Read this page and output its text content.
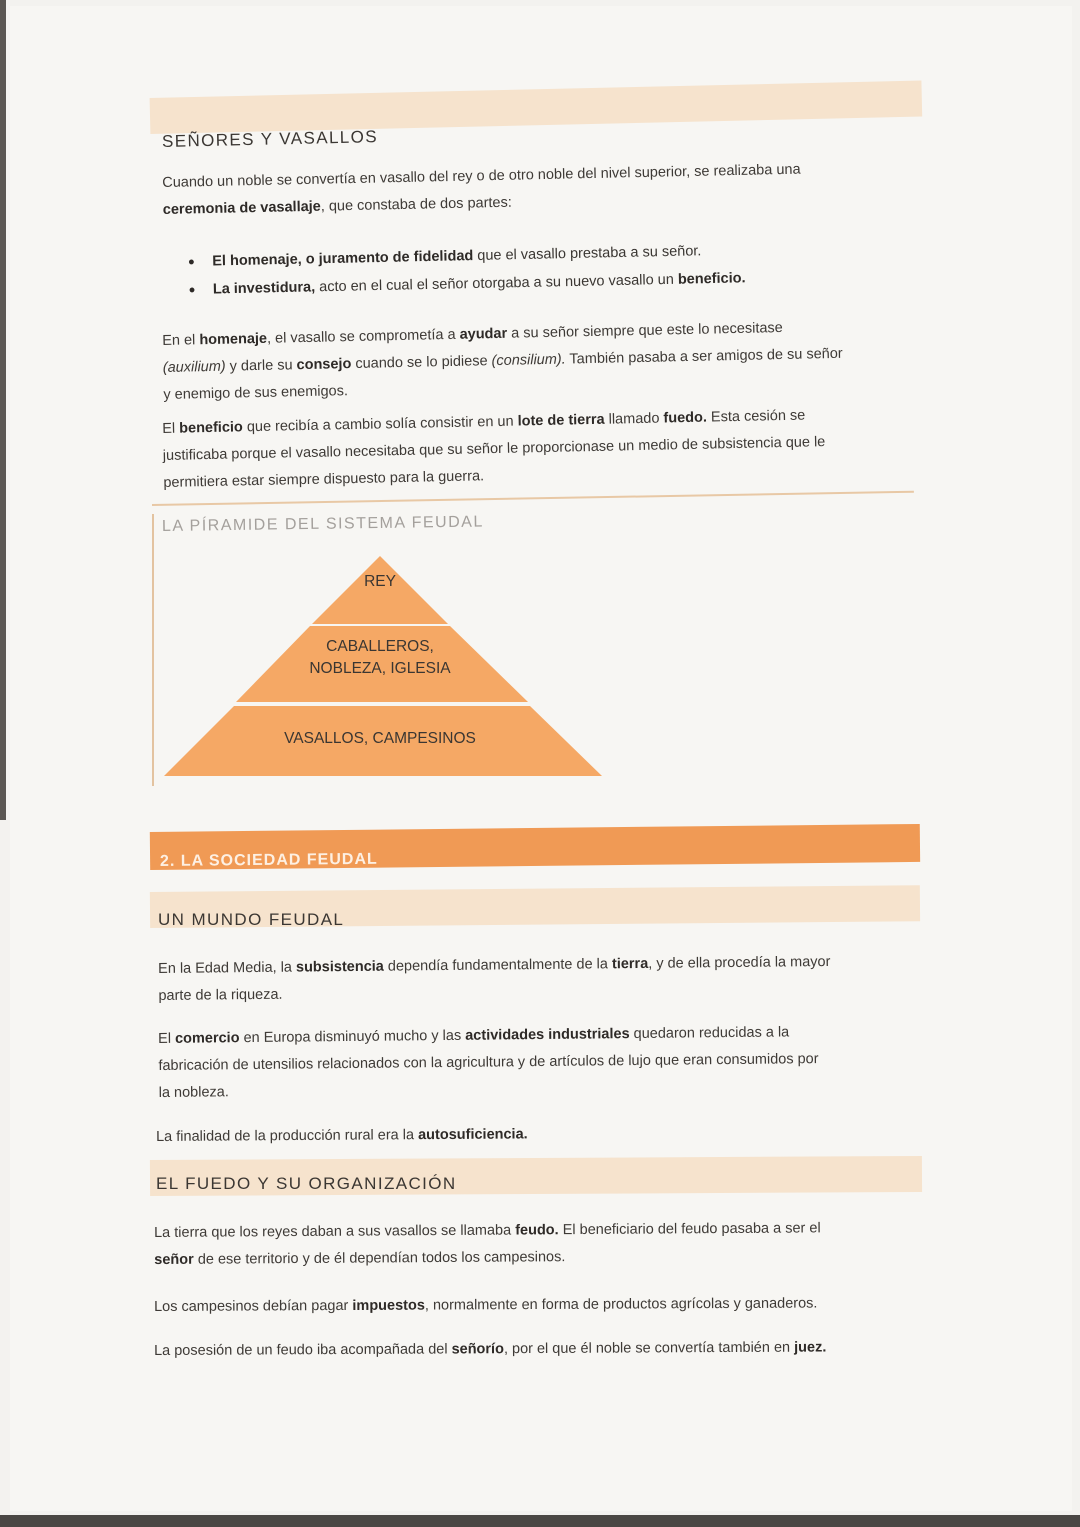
SEÑORES Y VASALLOS

Cuando un noble se convertía en vasallo del rey o de otro noble del nivel superior, se realizaba una
ceremonia de vasallaje, que constaba de dos partes:

• El homenaje, o juramento de fidelidad que el vasallo prestaba a su señor.
• La investidura, acto en el cual el señor otorgaba a su nuevo vasallo un beneficio.

En el homenaje, el vasallo se comprometía a ayudar a su señor siempre que este lo necesitase
(auxilium) y darle su consejo cuando se lo pidiese (consilium). También pasaba a ser amigos de su señor
y enemigo de sus enemigos.

El beneficio que recibía a cambio solía consistir en un lote de tierra llamado fuedo. Esta cesión se
justificaba porque el vasallo necesitaba que su señor le proporcionase un medio de subsistencia que le
permitiera estar siempre dispuesto para la guerra.

LA PÍRAMIDE DEL SISTEMA FEUDAL
REY
CABALLEROS,
NOBLEZA, IGLESIA
VASALLOS, CAMPESINOS
2. LA SOCIEDAD FEUDAL
UN MUNDO FEUDAL

En la Edad Media, la subsistencia dependía fundamentalmente de la tierra, y de ella procedía la mayor
parte de la riqueza.

El comercio en Europa disminuyó mucho y las actividades industriales quedaron reducidas a la
fabricación de utensilios relacionados con la agricultura y de artículos de lujo que eran consumidos por
la nobleza.

La finalidad de la producción rural era la autosuficiencia.

EL FUEDO Y SU ORGANIZACIÓN

La tierra que los reyes daban a sus vasallos se llamaba feudo. El beneficiario del feudo pasaba a ser el
señor de ese territorio y de él dependían todos los campesinos.

Los campesinos debían pagar impuestos, normalmente en forma de productos agrícolas y ganaderos.

La posesión de un feudo iba acompañada del señorío, por el que él noble se convertía también en juez.
